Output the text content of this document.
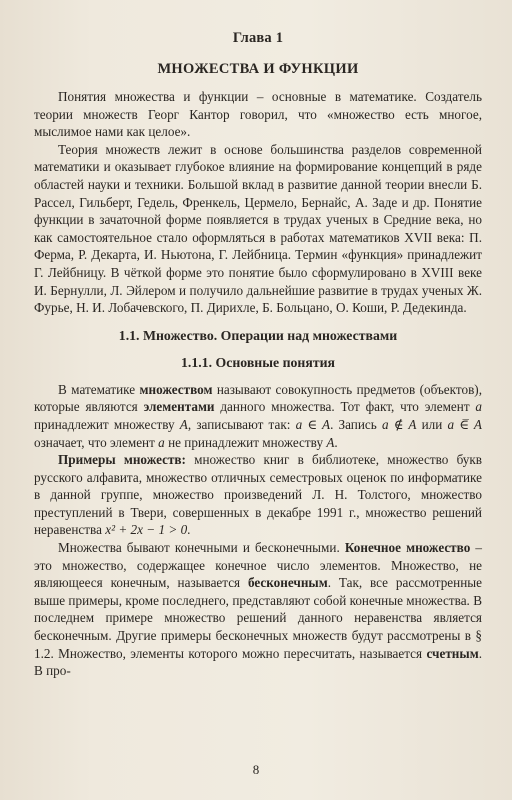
Глава 1
МНОЖЕСТВА И ФУНКЦИИ

Понятия множества и функции – основные в математике. Создатель теории множеств Георг Кантор говорил, что «множество есть многое, мыслимое нами как целое».

Теория множеств лежит в основе большинства разделов современной математики и оказывает глубокое влияние на формирование концепций в ряде областей науки и техники. Большой вклад в развитие данной теории внесли Б. Рассел, Гильберт, Гедель, Френкель, Цермело, Бернайс, А. Заде и др. Понятие функции в зачаточной форме появляется в трудах ученых в Средние века, но как самостоятельное стало оформляться в работах математиков XVII века: П. Ферма, Р. Декарта, И. Ньютона, Г. Лейбница. Термин «функция» принадлежит Г. Лейбницу. В чёткой форме это понятие было сформулировано в XVIII веке И. Бернулли, Л. Эйлером и получило дальнейшие развитие в трудах ученых Ж. Фурье, Н. И. Лобачевского, П. Дирихле, Б. Больцано, О. Коши, Р. Дедекинда.

1.1. Множество. Операции над множествами
1.1.1. Основные понятия

В математике множеством называют совокупность предметов (объектов), которые являются элементами данного множества. Тот факт, что элемент a принадлежит множеству A, записывают так: a ∈ A. Запись a ∉ A или a ∈̅ A означает, что элемент a не принадлежит множеству A.

Примеры множеств: множество книг в библиотеке, множество букв русского алфавита, множество отличных семестровых оценок по информатике в данной группе, множество произведений Л. Н. Толстого, множество преступлений в Твери, совершенных в декабре 1991 г., множество решений неравенства x² + 2x − 1 > 0.

Множества бывают конечными и бесконечными. Конечное множество – это множество, содержащее конечное число элементов. Множество, не являющееся конечным, называется бесконечным. Так, все рассмотренные выше примеры, кроме последнего, представляют собой конечные множества. В последнем примере множество решений данного неравенства является бесконечным. Другие примеры бесконечных множеств будут рассмотрены в § 1.2. Множество, элементы которого можно пересчитать, называется счетным. В про-

8
